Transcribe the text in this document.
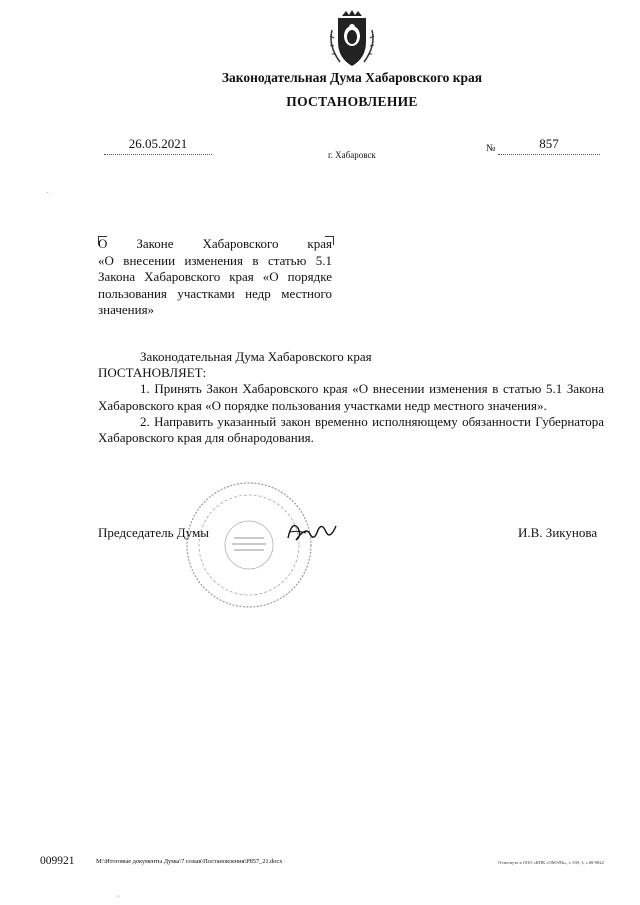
Законодательная Дума Хабаровского края
ПОСТАНОВЛЕНИЕ
26.05.2021
г. Хабаровск
№	857
‐ .
О Законе Хабаровского края
«О внесении изменения в статью 5.1
Закона Хабаровского края «О порядке
пользования участками недр местного
значения»
Законодательная Дума Хабаровского края
ПОСТАНОВЛЯЕТ:

1. Принять Закон Хабаровского края «О внесении изменения в статью 5.1 Закона Хабаровского края «О порядке пользования участками недр местного значения».

2. Направить указанный закон временно исполняющему обязанности Губернатора Хабаровского края для обнародования.

Председатель Думы	И.В. Зикунова
009921	M:\Итоговые документы Думы\7 созыв\Постановления\P857_21.docx	Оттиснуто в ООО «КПК «ОМЭЛЬ», г. 539, 3, с.08-9822
,
